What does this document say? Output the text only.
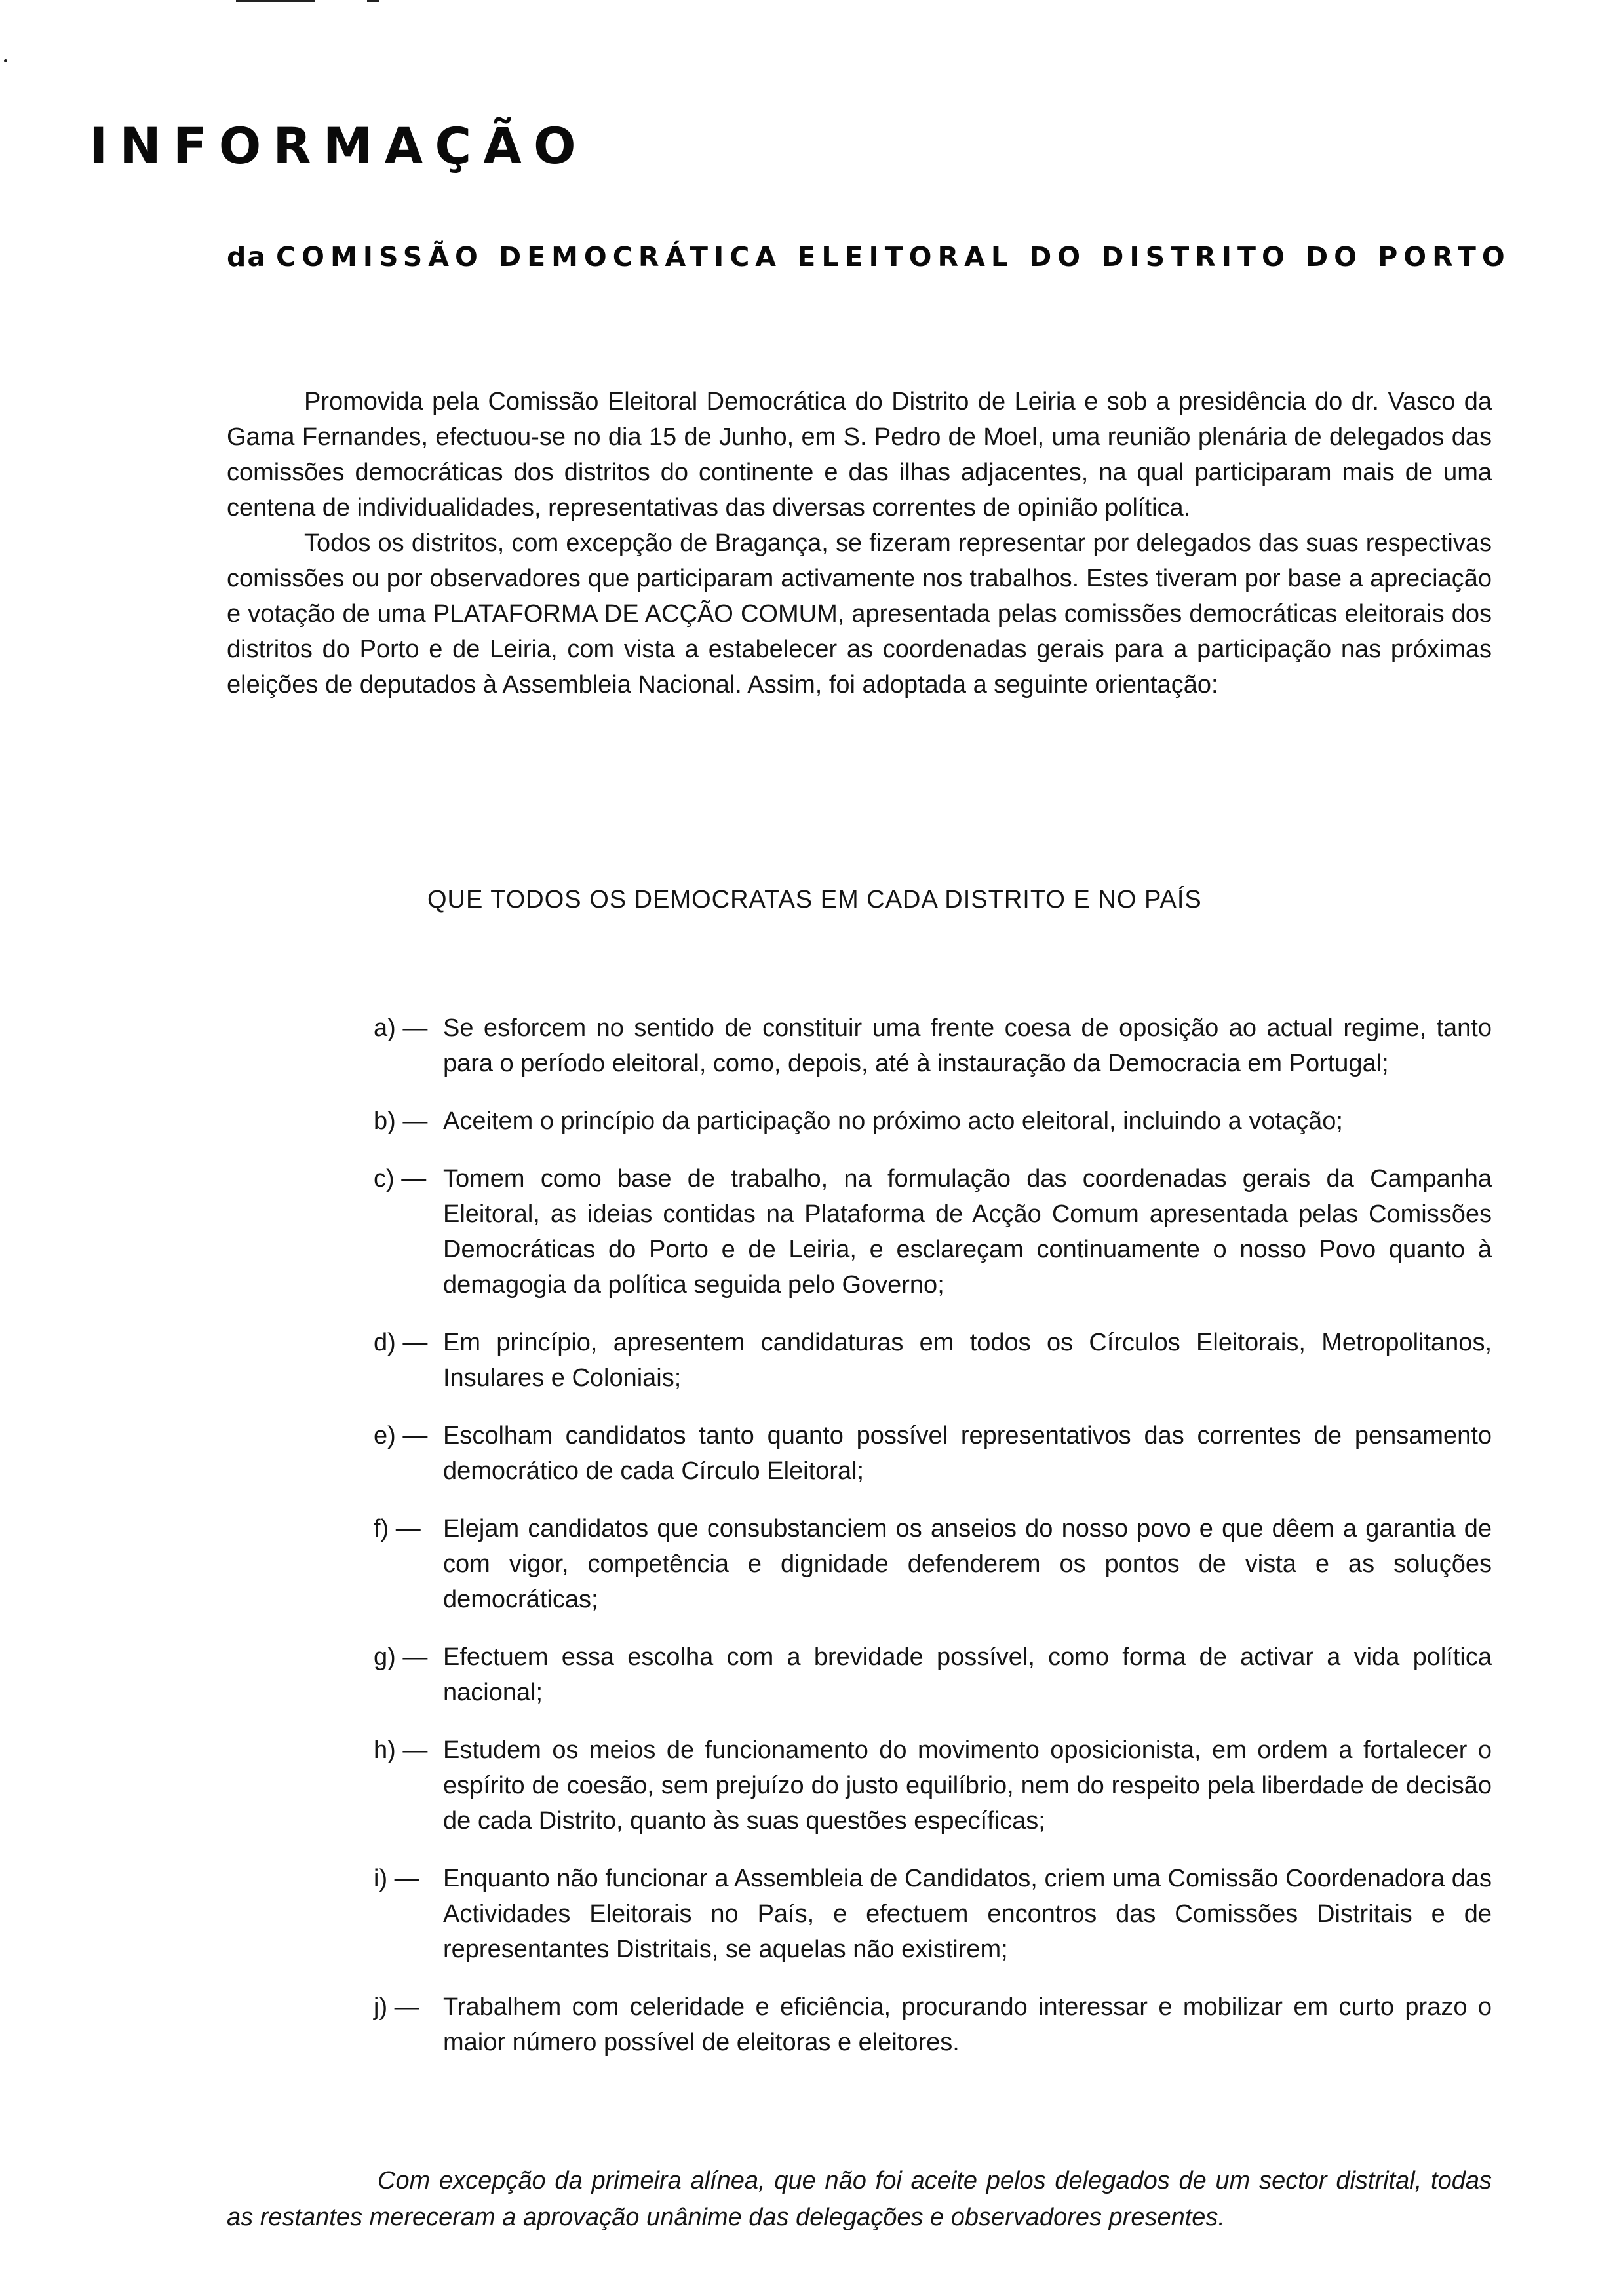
INFORMAÇÃO
da COMISSÃO DEMOCRÁTICA ELEITORAL DO DISTRITO DO PORTO

Promovida pela Comissão Eleitoral Democrática do Distrito de Leiria e sob a presidência do dr. Vasco da Gama Fernandes, efectuou-se no dia 15 de Junho, em S. Pedro de Moel, uma reunião plenária de delegados das comissões democráticas dos distritos do continente e das ilhas adjacentes, na qual participaram mais de uma centena de individualidades, representativas das diversas correntes de opinião política.

Todos os distritos, com excepção de Bragança, se fizeram representar por delegados das suas respectivas comissões ou por observadores que participaram activamente nos trabalhos. Estes tiveram por base a apreciação e votação de uma PLATAFORMA DE ACÇÃO COMUM, apresentada pelas comissões democráticas eleitorais dos distritos do Porto e de Leiria, com vista a estabelecer as coordenadas gerais para a participação nas próximas eleições de deputados à Assembleia Nacional. Assim, foi adoptada a seguinte orientação:

QUE TODOS OS DEMOCRATAS EM CADA DISTRITO E NO PAÍS
a) — Se esforcem no sentido de constituir uma frente coesa de oposição ao actual regime, tanto para o período eleitoral, como, depois, até à instauração da Democracia em Portugal;
b) — Aceitem o princípio da participação no próximo acto eleitoral, incluindo a votação;
c) — Tomem como base de trabalho, na formulação das coordenadas gerais da Campanha Eleitoral, as ideias contidas na Plataforma de Acção Comum apresentada pelas Comissões Democráticas do Porto e de Leiria, e esclareçam continuamente o nosso Povo quanto à demagogia da política seguida pelo Governo;
d) — Em princípio, apresentem candidaturas em todos os Círculos Eleitorais, Metropolitanos, Insulares e Coloniais;
e) — Escolham candidatos tanto quanto possível representativos das correntes de pensamento democrático de cada Círculo Eleitoral;
f) — Elejam candidatos que consubstanciem os anseios do nosso povo e que dêem a garantia de com vigor, competência e dignidade defenderem os pontos de vista e as soluções democráticas;
g) — Efectuem essa escolha com a brevidade possível, como forma de activar a vida política nacional;
h) — Estudem os meios de funcionamento do movimento oposicionista, em ordem a fortalecer o espírito de coesão, sem prejuízo do justo equilíbrio, nem do respeito pela liberdade de decisão de cada Distrito, quanto às suas questões específicas;
i) — Enquanto não funcionar a Assembleia de Candidatos, criem uma Comissão Coordenadora das Actividades Eleitorais no País, e efectuem encontros das Comissões Distritais e de representantes Distritais, se aquelas não existirem;
j) — Trabalhem com celeridade e eficiência, procurando interessar e mobilizar em curto prazo o maior número possível de eleitoras e eleitores.
Com excepção da primeira alínea, que não foi aceite pelos delegados de um sector distrital, todas as restantes mereceram a aprovação unânime das delegações e observadores presentes.
